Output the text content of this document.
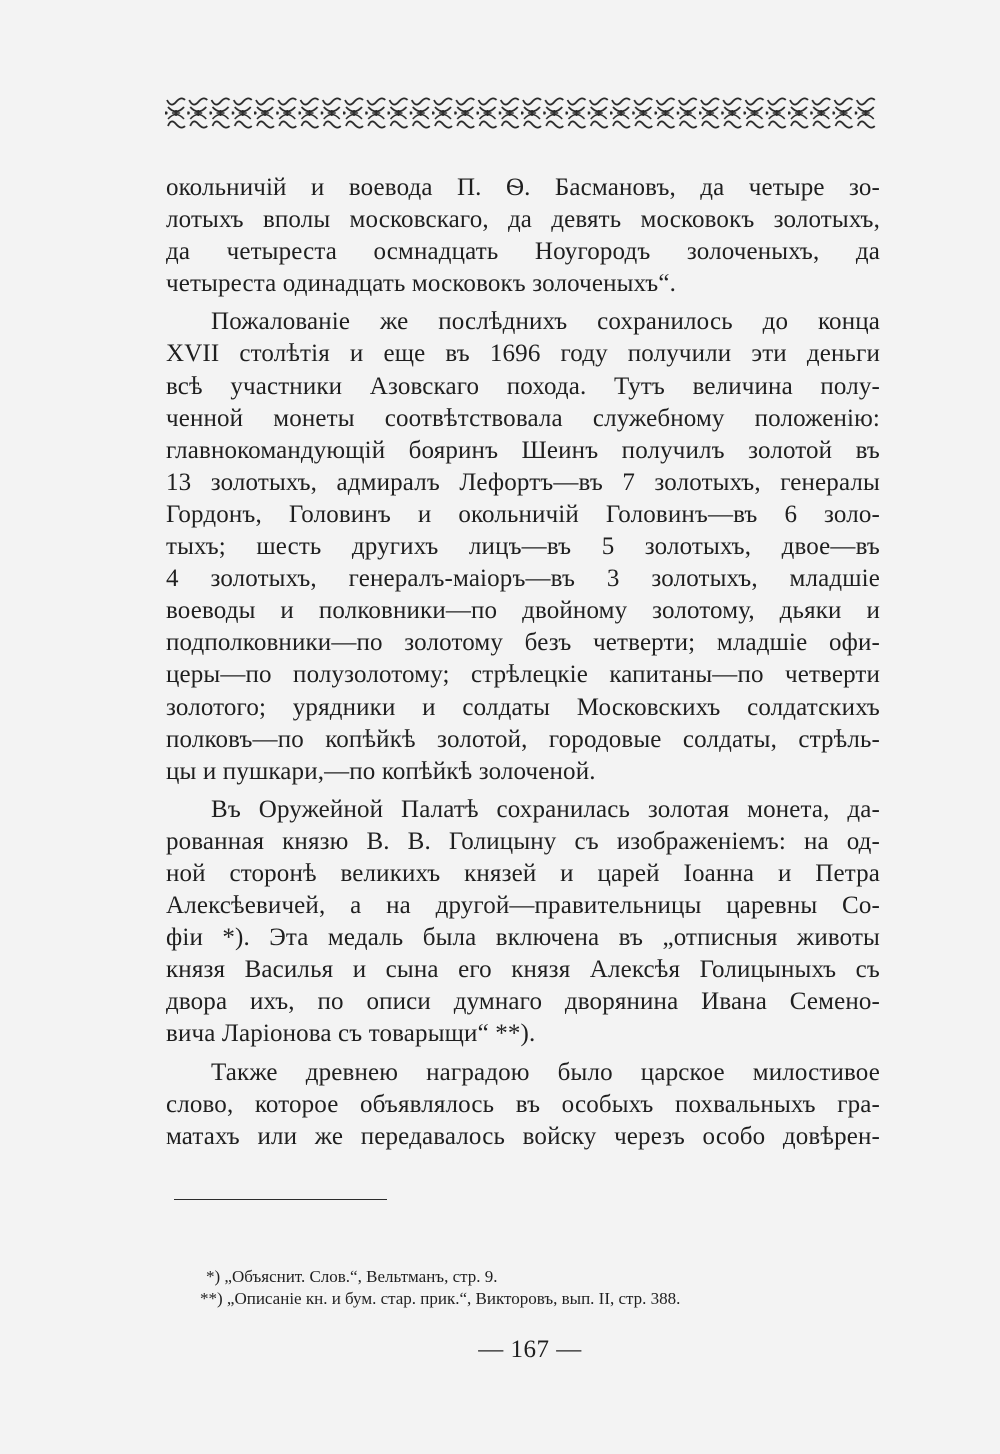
окольничій и воевода П. Ѳ. Басмановъ, да четыре зо-
лотыхъ вполы московскаго, да девять московокъ золотыхъ,
да четыреста осмнадцать Ноугородъ золоченыхъ, да
четыреста одинадцать московокъ золоченыхъ“.
Пожалованіе же послѣднихъ сохранилось до конца
XVII столѣтія и еще въ 1696 году получили эти деньги
всѣ участники Азовскаго похода. Тутъ величина полу-
ченной монеты соотвѣтствовала служебному положенію:
главнокомандующій бояринъ Шеинъ получилъ золотой въ
13 золотыхъ, адмиралъ Лефортъ—въ 7 золотыхъ, генералы
Гордонъ, Головинъ и окольничій Головинъ—въ 6 золо-
тыхъ; шесть другихъ лицъ—въ 5 золотыхъ, двое—въ
4 золотыхъ, генералъ-маіоръ—въ 3 золотыхъ, младшіе
воеводы и полковники—по двойному золотому, дьяки и
подполковники—по золотому безъ четверти; младшіе офи-
церы—по полузолотому; стрѣлецкіе капитаны—по четверти
золотого; урядники и солдаты Московскихъ солдатскихъ
полковъ—по копѣйкѣ золотой, городовые солдаты, стрѣль-
цы и пушкари,—по копѣйкѣ золоченой.
Въ Оружейной Палатѣ сохранилась золотая монета, да-
рованная князю В. В. Голицыну съ изображеніемъ: на од-
ной сторонѣ великихъ князей и царей Іоанна и Петра
Алексѣевичей, а на другой—правительницы царевны Со-
фіи *). Эта медаль была включена въ „отписныя животы
князя Василья и сына его князя Алексѣя Голицыныхъ съ
двора ихъ, по описи думнаго дворянина Ивана Семено-
вича Ларіонова съ товарыщи“ **).
Также древнею наградою было царское милостивое
слово, которое объявлялось въ особыхъ похвальныхъ гра-
матахъ или же передавалось войску черезъ особо довѣрен-
*) „Объяснит. Слов.“, Вельтманъ, стр. 9.
**) „Описаніе кн. и бум. стар. прик.“, Викторовъ, вып. II, стр. 388.
— 167 —
